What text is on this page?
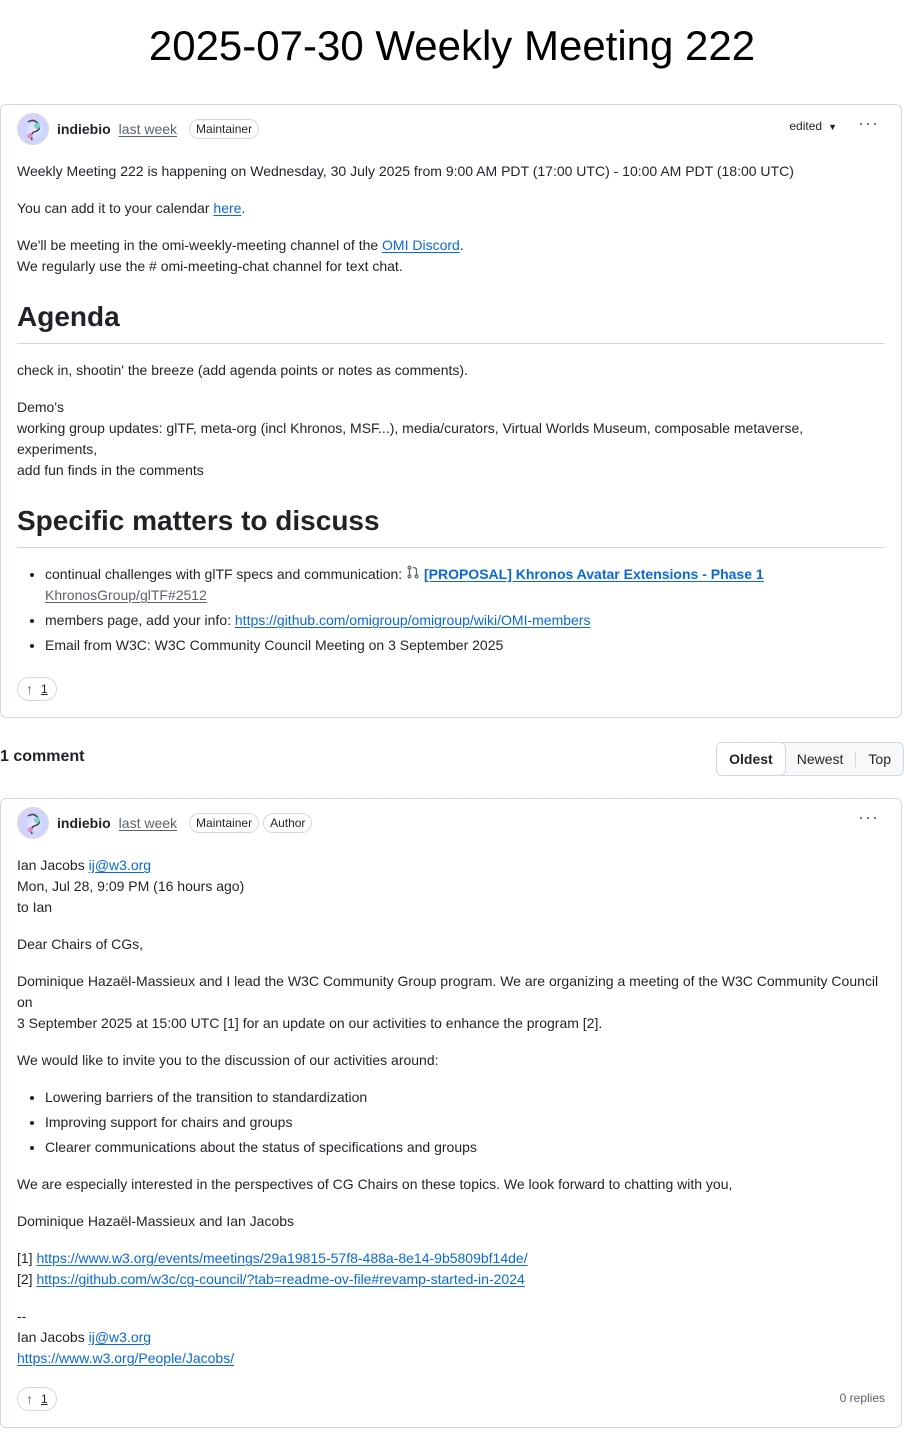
2025-07-30 Weekly Meeting 222
indiebio last week	Maintainer	edited ▼ ···

Weekly Meeting 222 is happening on Wednesday, 30 July 2025 from 9:00 AM PDT (17:00 UTC) - 10:00 AM PDT (18:00 UTC)

You can add it to your calendar here.

We'll be meeting in the omi-weekly-meeting channel of the OMI Discord.
We regularly use the # omi-meeting-chat channel for text chat.

Agenda

check in, shootin' the breeze (add agenda points or notes as comments).

Demo's
working group updates: glTF, meta-org (incl Khronos, MSF...), media/curators, Virtual Worlds Museum, composable metaverse, experiments,
add fun finds in the comments

Specific matters to discuss
• continual challenges with glTF specs and communication:  [PROPOSAL] Khronos Avatar Extensions - Phase 1 KhronosGroup/glTF#2512
• members page, add your info: https://github.com/omigroup/omigroup/wiki/OMI-members
• Email from W3C: W3C Community Council Meeting on 3 September 2025
↑ 1
1 comment	Oldest	Newest	Top
indiebio last week	Maintainer	Author	···

Ian Jacobs ij@w3.org
Mon, Jul 28, 9:09 PM (16 hours ago)
to Ian

Dear Chairs of CGs,

Dominique Hazaël-Massieux and I lead the W3C Community Group program. We are organizing a meeting of the W3C Community Council on
3 September 2025 at 15:00 UTC [1] for an update on our activities to enhance the program [2].

We would like to invite you to the discussion of our activities around:

• Lowering barriers of the transition to standardization
• Improving support for chairs and groups
• Clearer communications about the status of specifications and groups

We are especially interested in the perspectives of CG Chairs on these topics. We look forward to chatting with you,

Dominique Hazaël-Massieux and Ian Jacobs

[1] https://www.w3.org/events/meetings/29a19815-57f8-488a-8e14-9b5809bf14de/
[2] https://github.com/w3c/cg-council/?tab=readme-ov-file#revamp-started-in-2024

--
Ian Jacobs ij@w3.org
https://www.w3.org/People/Jacobs/

↑ 1	0 replies
